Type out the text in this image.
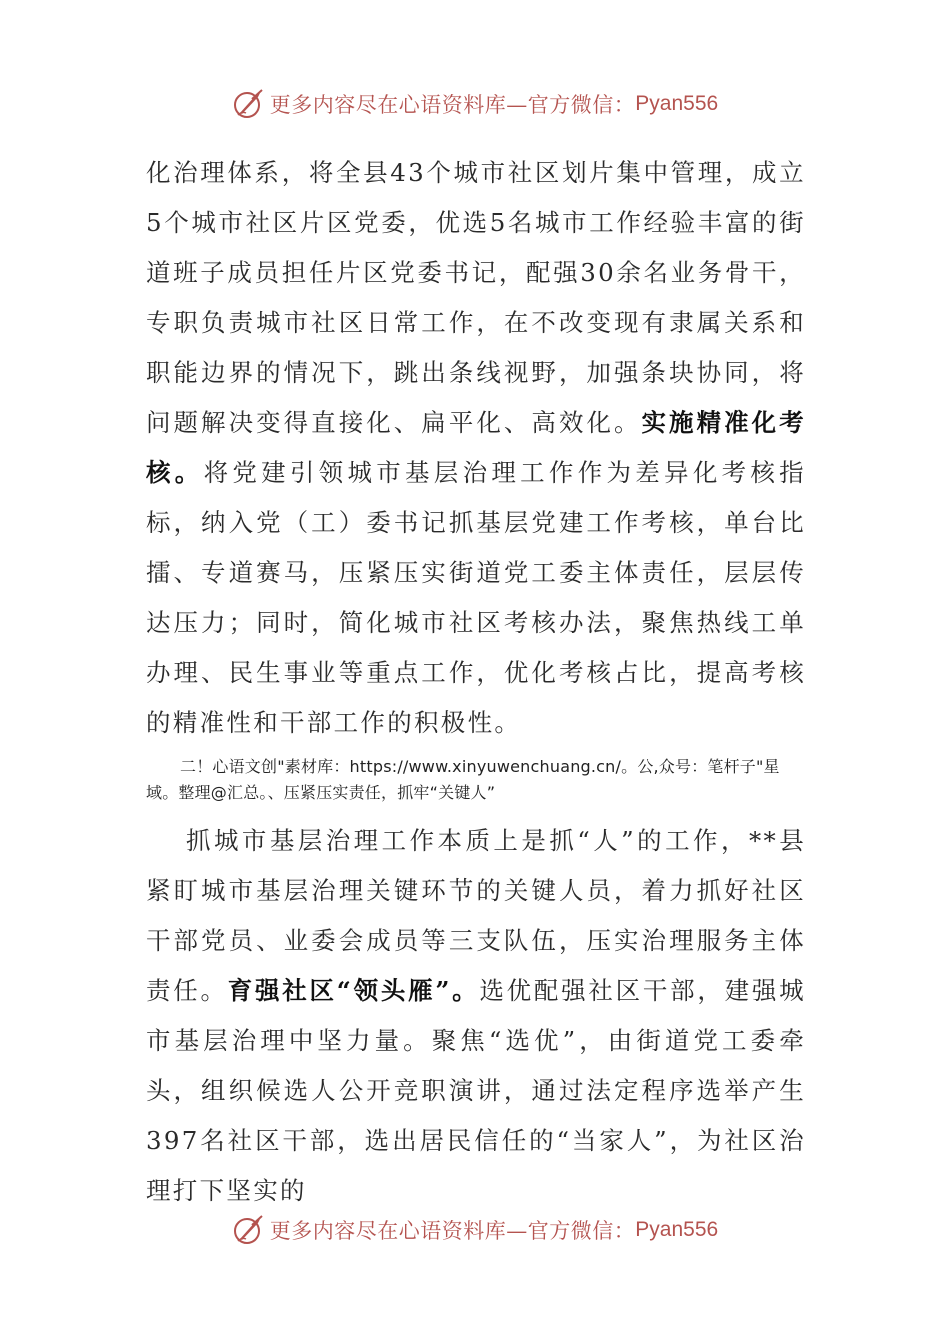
更多内容尽在心语资料库—官方微信： Pyan556

化治理体系，将全县43个城市社区划片集中管理，成立5个城市社区片区党委，优选5名城市工作经验丰富的街道班子成员担任片区党委书记，配强30余名业务骨干，专职负责城市社区日常工作，在不改变现有隶属关系和职能边界的情况下，跳出条线视野，加强条块协同，将问题解决变得直接化、扁平化、高效化。实施精准化考核。将党建引领城市基层治理工作作为差异化考核指标，纳入党（工）委书记抓基层党建工作考核，单台比擂、专道赛马，压紧压实街道党工委主体责任，层层传达压力；同时，简化城市社区考核办法，聚焦热线工单办理、民生事业等重点工作，优化考核占比，提高考核的精准性和干部工作的积极性。

二！心语文创"素材库：https://www.xinyuwenchuang.cn/。公,众号：笔杆子"星域。整理@汇总。、压紧压实责任，抓牢“关键人”

抓城市基层治理工作本质上是抓“人”的工作，**县紧盯城市基层治理关键环节的关键人员，着力抓好社区干部党员、业委会成员等三支队伍，压实治理服务主体责任。育强社区“领头雁”。选优配强社区干部，建强城市基层治理中坚力量。聚焦“选优”，由街道党工委牵头，组织候选人公开竞职演讲，通过法定程序选举产生397名社区干部，选出居民信任的“当家人”，为社区治理打下坚实的

更多内容尽在心语资料库—官方微信： Pyan556
